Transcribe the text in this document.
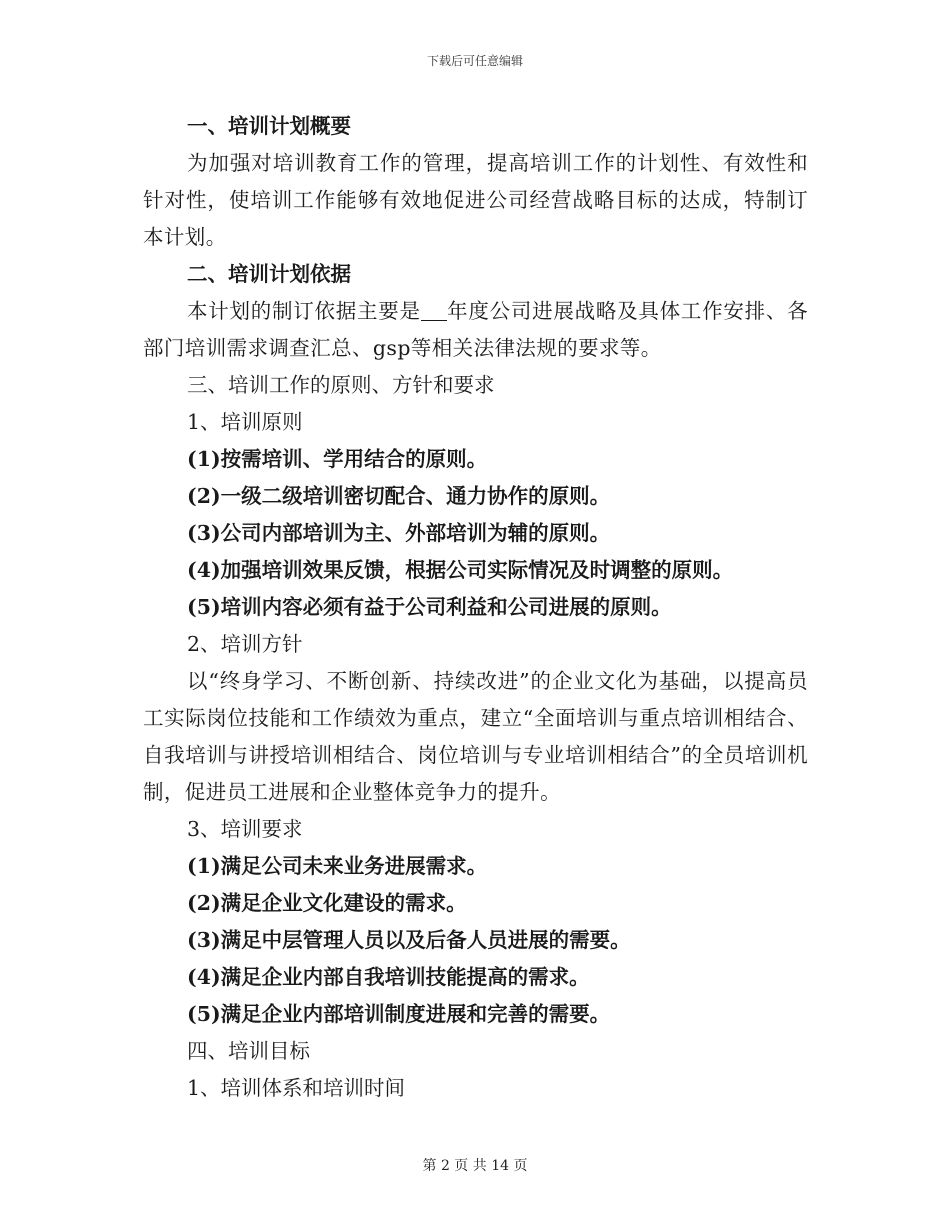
下载后可任意编辑
一、培训计划概要
为加强对培训教育工作的管理，提高培训工作的计划性、有效性和针对性，使培训工作能够有效地促进公司经营战略目标的达成，特制订本计划。
二、培训计划依据
本计划的制订依据主要是 年度公司进展战略及具体工作安排、各部门培训需求调查汇总、gsp等相关法律法规的要求等。
三、培训工作的原则、方针和要求
1、培训原则
(1)按需培训、学用结合的原则。
(2)一级二级培训密切配合、通力协作的原则。
(3)公司内部培训为主、外部培训为辅的原则。
(4)加强培训效果反馈，根据公司实际情况及时调整的原则。
(5)培训内容必须有益于公司利益和公司进展的原则。
2、培训方针
以“终身学习、不断创新、持续改进”的企业文化为基础，以提高员工实际岗位技能和工作绩效为重点，建立“全面培训与重点培训相结合、自我培训与讲授培训相结合、岗位培训与专业培训相结合”的全员培训机制，促进员工进展和企业整体竞争力的提升。
3、培训要求
(1)满足公司未来业务进展需求。
(2)满足企业文化建设的需求。
(3)满足中层管理人员以及后备人员进展的需要。
(4)满足企业内部自我培训技能提高的需求。
(5)满足企业内部培训制度进展和完善的需要。
四、培训目标
1、培训体系和培训时间
第 2 页 共 14 页
